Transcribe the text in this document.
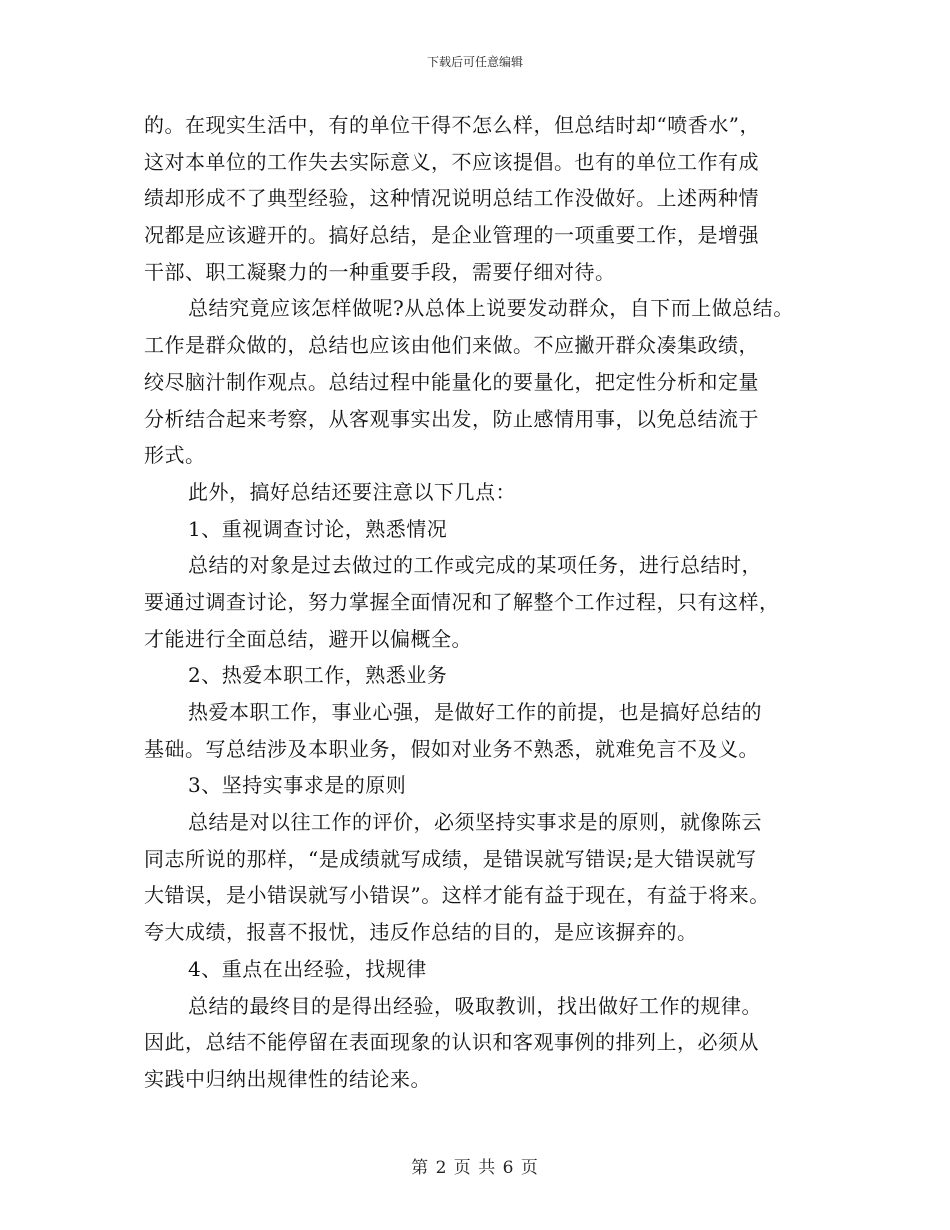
下载后可任意编辑
的。在现实生活中，有的单位干得不怎么样，但总结时却“喷香水”，
这对本单位的工作失去实际意义，不应该提倡。也有的单位工作有成
绩却形成不了典型经验，这种情况说明总结工作没做好。上述两种情
况都是应该避开的。搞好总结，是企业管理的一项重要工作，是增强
干部、职工凝聚力的一种重要手段，需要仔细对待。
总结究竟应该怎样做呢?从总体上说要发动群众，自下而上做总结。
工作是群众做的，总结也应该由他们来做。不应撇开群众凑集政绩，
绞尽脑汁制作观点。总结过程中能量化的要量化，把定性分析和定量
分析结合起来考察，从客观事实出发，防止感情用事，以免总结流于
形式。
此外，搞好总结还要注意以下几点：
1、重视调查讨论，熟悉情况
总结的对象是过去做过的工作或完成的某项任务，进行总结时，
要通过调查讨论，努力掌握全面情况和了解整个工作过程，只有这样，
才能进行全面总结，避开以偏概全。
2、热爱本职工作，熟悉业务
热爱本职工作，事业心强，是做好工作的前提，也是搞好总结的
基础。写总结涉及本职业务，假如对业务不熟悉，就难免言不及义。
3、坚持实事求是的原则
总结是对以往工作的评价，必须坚持实事求是的原则，就像陈云
同志所说的那样，“是成绩就写成绩，是错误就写错误;是大错误就写
大错误，是小错误就写小错误”。这样才能有益于现在，有益于将来。
夸大成绩，报喜不报忧，违反作总结的目的，是应该摒弃的。
4、重点在出经验，找规律
总结的最终目的是得出经验，吸取教训，找出做好工作的规律。
因此，总结不能停留在表面现象的认识和客观事例的排列上，必须从
实践中归纳出规律性的结论来。
第 2 页 共 6 页
